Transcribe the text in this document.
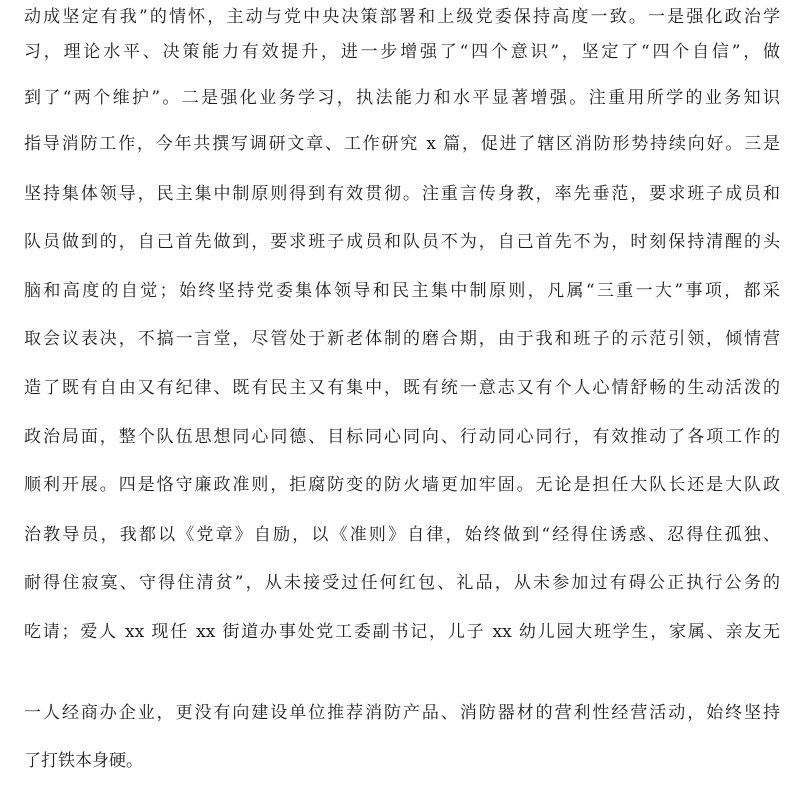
动成坚定有我”的情怀，主动与党中央决策部署和上级党委保持高度一致。一是强化政治学
习，理论水平、决策能力有效提升，进一步增强了“四个意识”，坚定了“四个自信”，做
到了“两个维护”。二是强化业务学习，执法能力和水平显著增强。注重用所学的业务知识
指导消防工作，今年共撰写调研文章、工作研究 x 篇，促进了辖区消防形势持续向好。三是
坚持集体领导，民主集中制原则得到有效贯彻。注重言传身教，率先垂范，要求班子成员和
队员做到的，自己首先做到，要求班子成员和队员不为，自己首先不为，时刻保持清醒的头
脑和高度的自觉；始终坚持党委集体领导和民主集中制原则，凡属“三重一大”事项，都采
取会议表决，不搞一言堂，尽管处于新老体制的磨合期，由于我和班子的示范引领，倾情营
造了既有自由又有纪律、既有民主又有集中，既有统一意志又有个人心情舒畅的生动活泼的
政治局面，整个队伍思想同心同德、目标同心同向、行动同心同行，有效推动了各项工作的
顺利开展。四是恪守廉政准则，拒腐防变的防火墙更加牢固。无论是担任大队长还是大队政
治教导员，我都以《党章》自励，以《准则》自律，始终做到“经得住诱惑、忍得住孤独、
耐得住寂寞、守得住清贫”，从未接受过任何红包、礼品，从未参加过有碍公正执行公务的
吃请；爱人 xx 现任 xx 街道办事处党工委副书记，儿子 xx 幼儿园大班学生，家属、亲友无
一人经商办企业，更没有向建设单位推荐消防产品、消防器材的营利性经营活动，始终坚持
了打铁本身硬。
